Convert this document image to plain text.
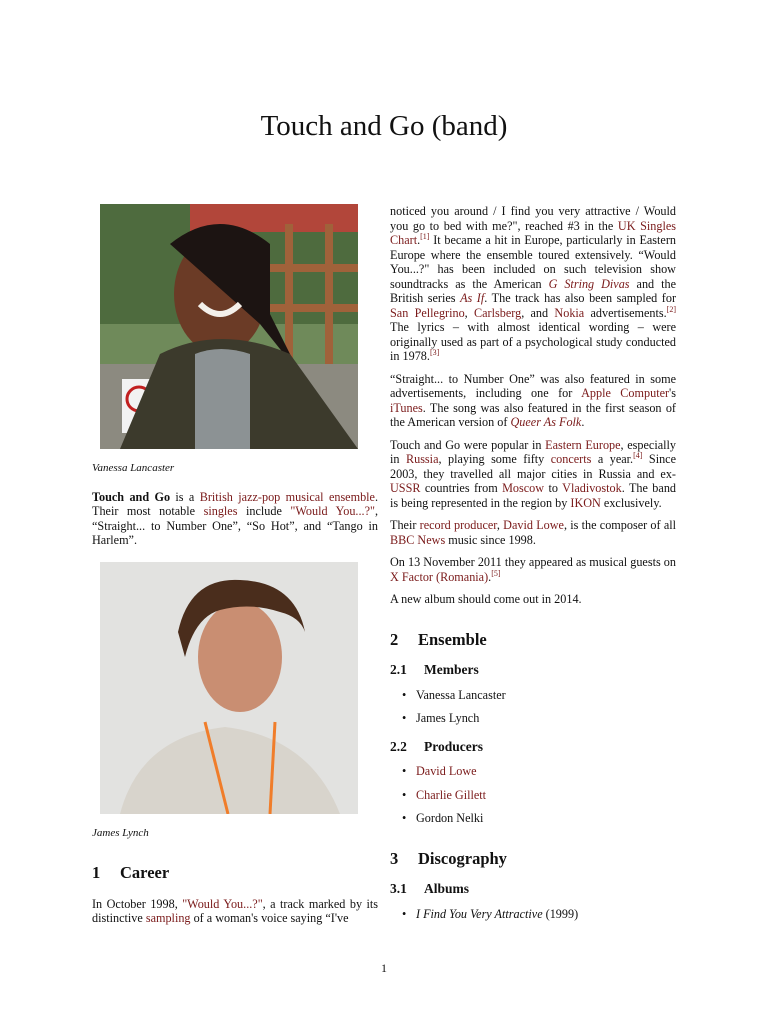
Touch and Go (band)
Vanessa Lancaster

Touch and Go is a British jazz-pop musical ensemble. Their most notable singles include "Would You...?", “Straight... to Number One”, “So Hot”, and “Tango in Harlem”.

James Lynch
1 Career

In October 1998, "Would You...?", a track marked by its distinctive sampling of a woman's voice saying “I've

noticed you around / I find you very attractive / Would you go to bed with me?", reached #3 in the UK Singles Chart.[1] It became a hit in Europe, particularly in Eastern Europe where the ensemble toured extensively. “Would You...?" has been included on such television show soundtracks as the American G String Divas and the British series As If. The track has also been sampled for San Pellegrino, Carlsberg, and Nokia advertisements.[2] The lyrics – with almost identical wording – were originally used as part of a psychological study conducted in 1978.[3]

“Straight... to Number One” was also featured in some advertisements, including one for Apple Computer's iTunes. The song was also featured in the first season of the American version of Queer As Folk.

Touch and Go were popular in Eastern Europe, especially in Russia, playing some fifty concerts a year.[4] Since 2003, they travelled all major cities in Russia and ex-USSR countries from Moscow to Vladivostok. The band is being represented in the region by IKON exclusively.

Their record producer, David Lowe, is the composer of all BBC News music since 1998.

On 13 November 2011 they appeared as musical guests on X Factor (Romania).[5]

A new album should come out in 2014.

2 Ensemble
2.1 Members
• Vanessa Lancaster
• James Lynch
2.2 Producers
• David Lowe
• Charlie Gillett
• Gordon Nelki
3 Discography
3.1 Albums
• I Find You Very Attractive (1999)
1
